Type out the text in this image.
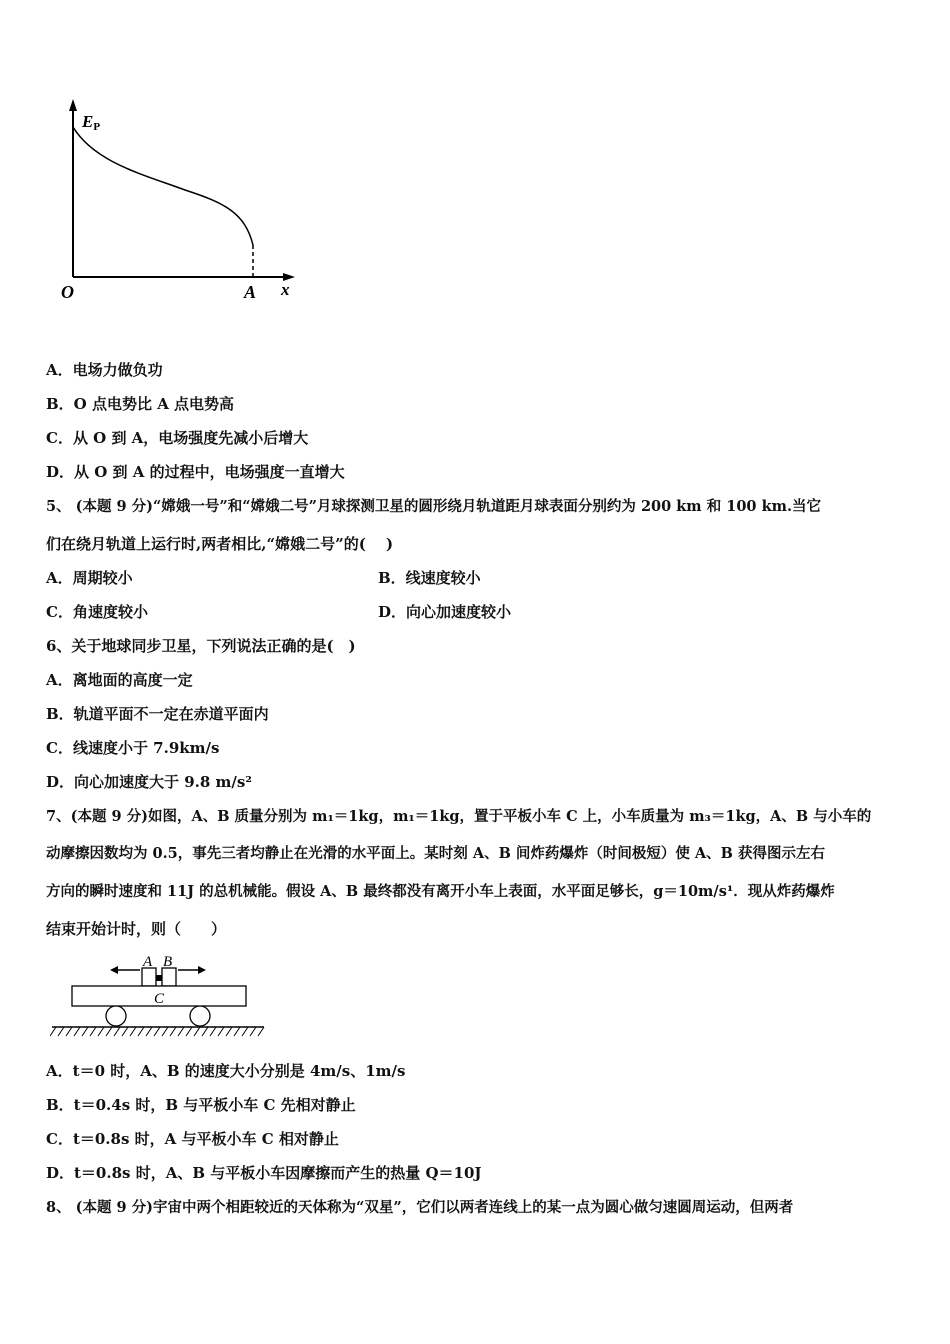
EP
O	A x
A．电场力做负功
B．O 点电势比 A 点电势高
C．从 O 到 A，电场强度先减小后增大
D．从 O 到 A 的过程中，电场强度一直增大
5、 (本题 9 分)“嫦娥一号”和“嫦娥二号”月球探测卫星的圆形绕月轨道距月球表面分别约为 200 km 和 100 km.当它
们在绕月轨道上运行时,两者相比,“嫦娥二号”的(　 )
A．周期较小	B．线速度较小
C．角速度较小	D．向心加速度较小
6、关于地球同步卫星，下列说法正确的是(　)
A．离地面的高度一定
B．轨道平面不一定在赤道平面内
C．线速度小于 7.9km/s
D．向心加速度大于 9.8 m/s²
7、(本题 9 分)如图，A、B 质量分别为 m₁＝1kg，m₁＝1kg，置于平板小车 C 上，小车质量为 m₃＝1kg，A、B 与小车的
动摩擦因数均为 0.5，事先三者均静止在光滑的水平面上。某时刻 A、B 间炸药爆炸（时间极短）使 A、B 获得图示左右
方向的瞬时速度和 11J 的总机械能。假设 A、B 最终都没有离开小车上表面，水平面足够长，g＝10m/s¹．现从炸药爆炸
结束开始计时，则（　　）
A B
C
A．t＝0 时，A、B 的速度大小分别是 4m/s、1m/s
B．t＝0.4s 时，B 与平板小车 C 先相对静止
C．t＝0.8s 时，A 与平板小车 C 相对静止
D．t＝0.8s 时，A、B 与平板小车因摩擦而产生的热量 Q＝10J
8、 (本题 9 分)宇宙中两个相距较近的天体称为“双星”，它们以两者连线上的某一点为圆心做匀速圆周运动，但两者
